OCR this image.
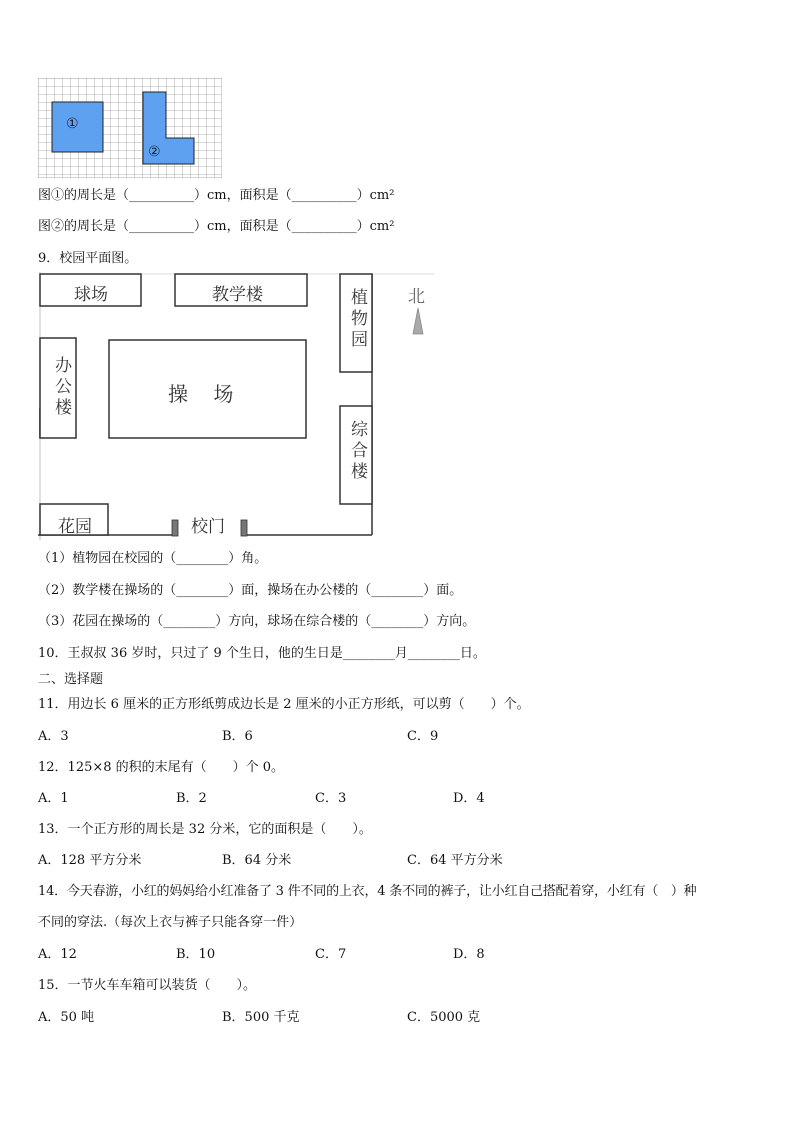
①
②
图①的周长是（__________）cm，面积是（__________）cm²
图②的周长是（__________）cm，面积是（__________）cm²
9．校园平面图。
球场	教学楼	植物园
办公楼	操    场
综合楼
花园	校门
北
（1）植物园在校园的（________）角。
（2）教学楼在操场的（________）面，操场在办公楼的（________）面。
（3）花园在操场的（________）方向，球场在综合楼的（________）方向。
10．王叔叔 36 岁时，只过了 9 个生日，他的生日是________月________日。
二、选择题
11．用边长 6 厘米的正方形纸剪成边长是 2 厘米的小正方形纸，可以剪（　　）个。
A．3	B．6	C．9
12．125×8 的积的末尾有（　　）个 0。
A．1	B．2	C．3	D．4
13．一个正方形的周长是 32 分米，它的面积是（　　）。
A．128 平方分米	B．64 分米	C．64 平方分米
14．今天春游，小红的妈妈给小红准备了 3 件不同的上衣，4 条不同的裤子，让小红自己搭配着穿，小红有（　）种
不同的穿法.（每次上衣与裤子只能各穿一件）
A．12	B．10	C．7	D．8
15．一节火车车箱可以装货（　　）。
A．50 吨	B．500 千克	C．5000 克
